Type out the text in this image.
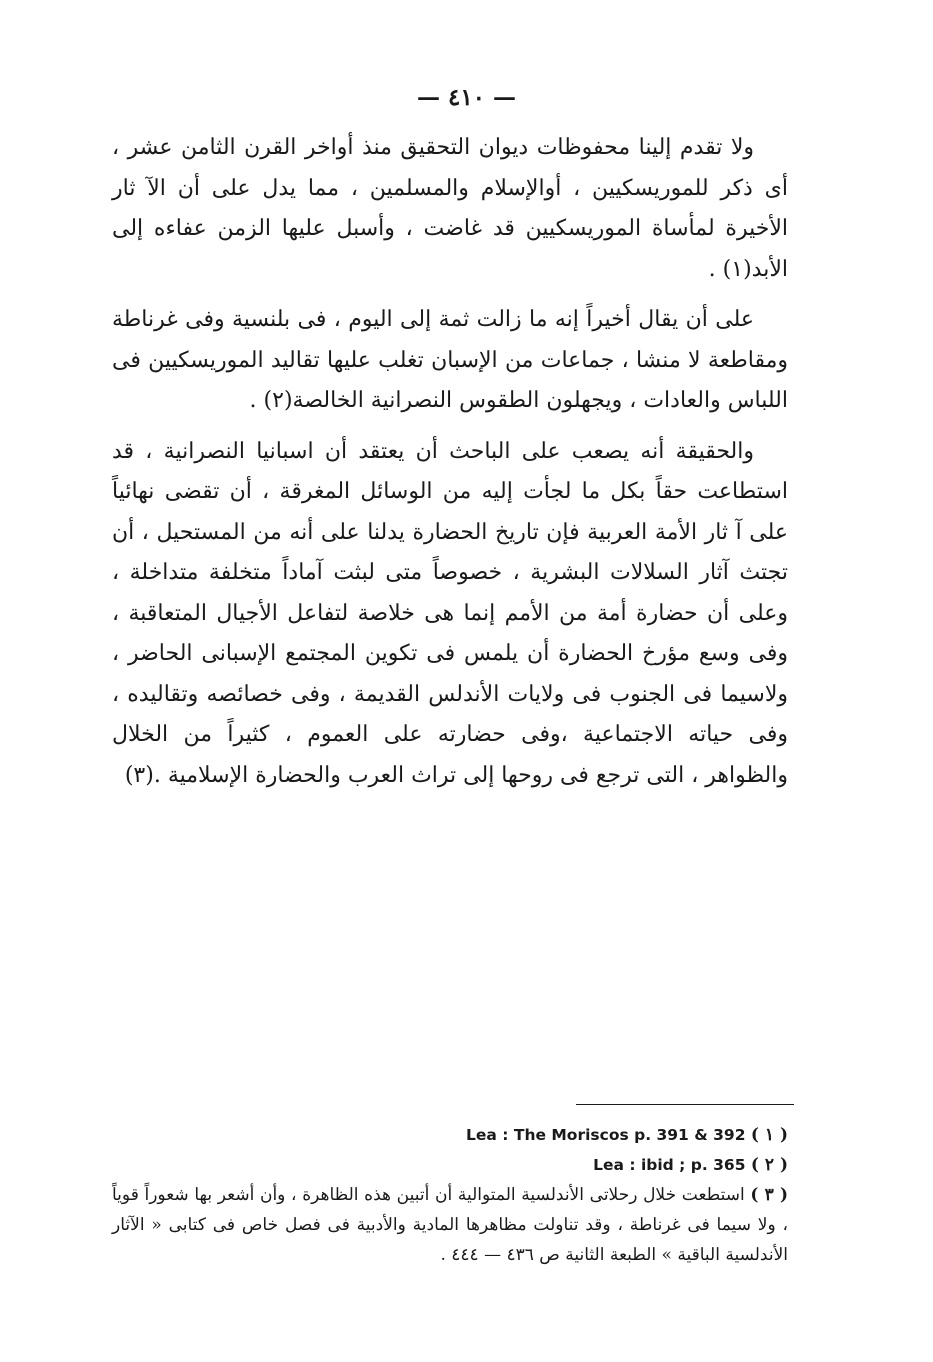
— ٤١٠ —

ولا تقدم إلينا محفوظات ديوان التحقيق منذ أواخر القرن الثامن عشر ، أى ذكر للموريسكيين ، أوالإسلام والمسلمين ، مما يدل على أن الآ ثار الأخيرة لمأساة الموريسكيين قد غاضت ، وأسبل عليها الزمن عفاءه إلى الأبد(١) .

على أن يقال أخيراً إنه ما زالت ثمة إلى اليوم ، فى بلنسية وفى غرناطة ومقاطعة لا منشا ، جماعات من الإسبان تغلب عليها تقاليد الموريسكيين فى اللباس والعادات ، ويجهلون الطقوس النصرانية الخالصة(٢) .

والحقيقة أنه يصعب على الباحث أن يعتقد أن اسبانيا النصرانية ، قد استطاعت حقاً بكل ما لجأت إليه من الوسائل المغرقة ، أن تقضى نهائياً على آ ثار الأمة العربية فإن تاريخ الحضارة يدلنا على أنه من المستحيل ، أن تجتث آثار السلالات البشرية ، خصوصاً متى لبثت آماداً متخلفة متداخلة ، وعلى أن حضارة أمة من الأمم إنما هى خلاصة لتفاعل الأجيال المتعاقبة ، وفى وسع مؤرخ الحضارة أن يلمس فى تكوين المجتمع الإسبانى الحاضر ، ولاسيما فى الجنوب فى ولايات الأندلس القديمة ، وفى خصائصه وتقاليده ، وفى حياته الاجتماعية ،وفى حضارته على العموم ، كثيراً من الخلال والظواهر ، التى ترجع فى روحها إلى تراث العرب والحضارة الإسلامية .(٣)

( ١ ) Lea : The Moriscos p. 391 & 392

( ٢ ) Lea : ibid ; p. 365

( ٣ ) استطعت خلال رحلاتى الأندلسية المتوالية أن أتبين هذه الظاهرة ، وأن أشعر بها شعوراً قوياً ، ولا سيما فى غرناطة ، وقد تناولت مظاهرها المادية والأدبية فى فصل خاص فى كتابى « الآثار الأندلسية الباقية » الطبعة الثانية ص ٤٣٦ — ٤٤٤ .
